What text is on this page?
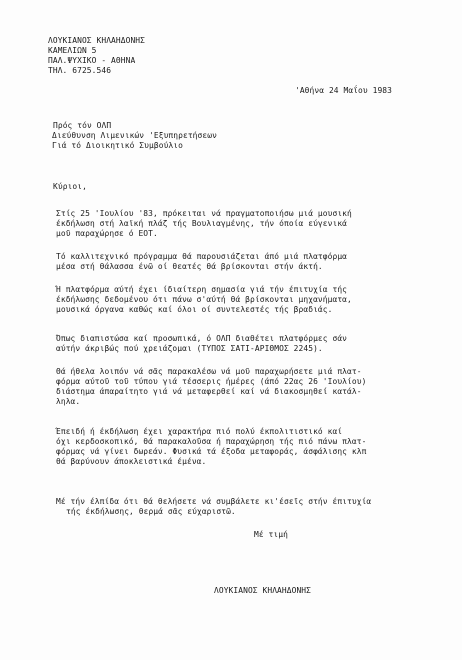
ΛΟΥΚΙΑΝΟΣ ΚΗΛΑΗΔΟΝΗΣ
ΚΑΜΕΛΙΩΝ 5
ΠΑΛ.ΨΥΧΙΚΟ - ΑΘΗΝΑ
ΤΗΛ. 6725.546
'Αθήνα 24 Μαΐου 1983
Πρός τόν ΟΛΠ
Διεύθυνση Λιμενικών 'Εξυπηρετήσεων
Γιά τό Διοικητικό Συμβούλιο
Κύριοι,
Στίς 25 'Ιουλίου '83, πρόκειται νά πραγματοποιήσω μιά μουσική
έκδήλωση στή λαϊκή πλάζ τής Βουλιαγμένης, τήν όποία εύγενικά
μοῦ παραχώρησε ό ΕΟΤ.
Τό καλλιτεχνικό πρόγραμμα θά παρουσιάζεται άπό μιά πλατφόρμα
μέσα στή θάλασσα ένῶ οί θεατές θά βρίσκονται στήν άκτή.
Ή πλατφόρμα αύτή έχει ίδιαίτερη σημασία γιά τήν έπιτυχία τής
έκδήλωσης δεδομένου ότι πάνω σ'αύτή θά βρίσκονται μηχανήματα,
μουσικά όργανα καθώς καί όλοι οί συντελεστές τής βραδιάς.
Όπως διαπιστώσα καί προσωπικά, ό ΟΛΠ διαθέτει πλατφόρμες σάν
αύτήν άκριβώς πού χρειάζομαι (ΤΥΠΟΣ ΣΑΤΙ-ΑΡΙΘΜΟΣ 2245).
Θά ήθελα λοιπόν νά σᾶς παρακαλέσω νά μοῦ παραχωρήσετε μιά πλατ-
φόρμα αύτοῦ τοῦ τύπου γιά τέσσερις ήμέρες (άπό 22ας 26 'Ιουλίου)
διάστημα άπαραίτητο γιά νά μεταφερθεί καί νά διακοσμηθεί κατάλ-
ληλα.
Έπειδή ή έκδήλωση έχει χαρακτήρα πιό πολύ έκπολιτιστικό καί
όχι κερδοσκοπικό, θά παρακαλοῦσα ή παραχώρηση τής πιό πάνω πλατ-
φόρμας νά γίνει δωρεάν. Φυσικά τά έξοδα μεταφοράς, άσφάλισης κλπ
θά βαρύνουν άποκλειστικά έμένα.
Μέ τήν έλπίδα ότι θά θελήσετε νά συμβάλετε κι'έσεῖς στήν έπιτυχία
τής έκδήλωσης, θερμά σᾶς εύχαριστῶ.
Μέ τιμή
ΛΟΥΚΙΑΝΟΣ ΚΗΛΑΗΔΟΝΗΣ
